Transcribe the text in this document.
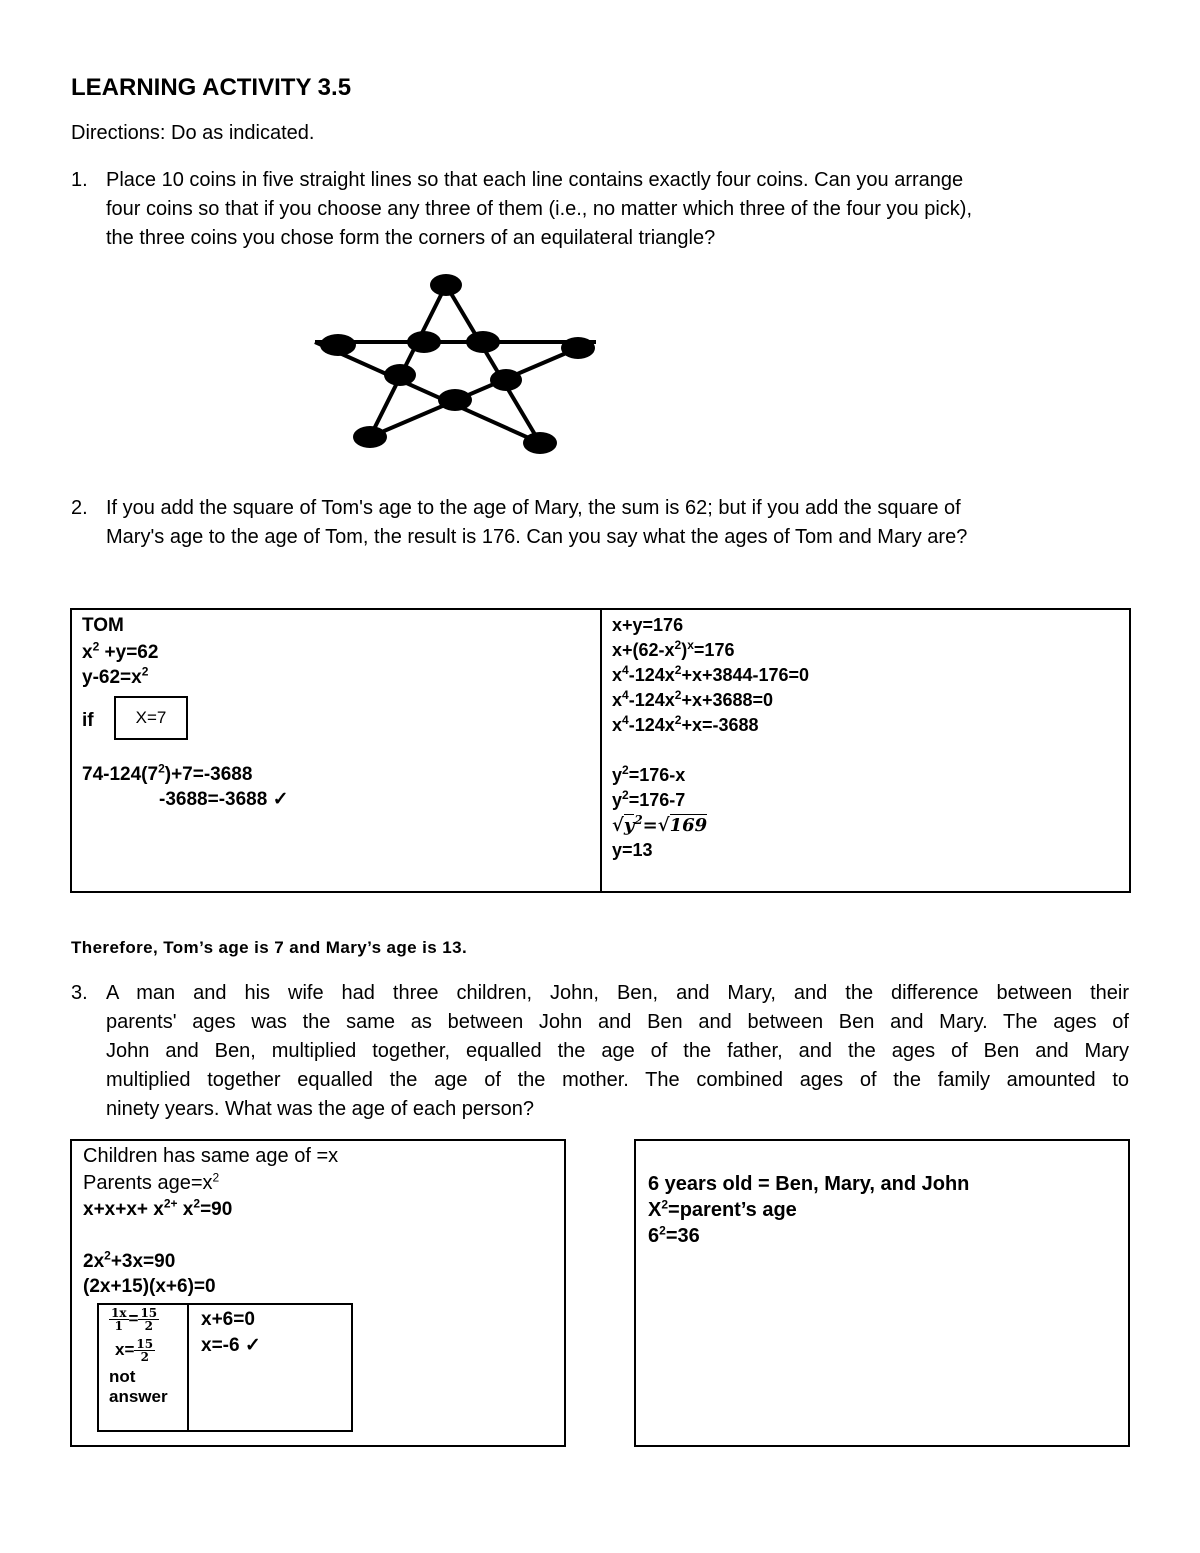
LEARNING ACTIVITY 3.5
Directions: Do as indicated.
1. Place 10 coins in five straight lines so that each line contains exactly four coins. Can you arrange
four coins so that if you choose any three of them (i.e., no matter which three of the four you pick),
the three coins you chose form the corners of an equilateral triangle?
2. If you add the square of Tom's age to the age of Mary, the sum is 62; but if you add the square of
Mary's age to the age of Tom, the result is 176. Can you say what the ages of Tom and Mary are?
TOM
$x^2 +y=62$
$y-62=x^2$
if	X=7
$74-124(7^2)+7=-3688$
-3688=-3688 ✓
x+y=176
$x+(62-x^2)^x=176$
$x^4-124x^2+x+3844-176=0$
$x^4-124x^2+x+3688=0$
$x^4-124x^2+x=-3688$
$y^2=176-x$
$y^2=176-7$
$√y^2=√169$
y=13
Therefore, Tom’s age is 7 and Mary’s age is 13.
3. A man and his wife had three children, John, Ben, and Mary, and the difference between their
parents' ages was the same as between John and Ben and between Ben and Mary. The ages of
John and Ben, multiplied together, equalled the age of the father, and the ages of Ben and Mary
multiplied together equalled the age of the mother. The combined ages of the family amounted to
ninety years. What was the age of each person?
Children has same age of =x
Parents $age=x^2$
$x+x+x+ x^{2+}$ $x^2=90$
$2x^2+3x=90$
(2x+15)(x+6)=0
$\frac{1x}{1} = \frac{15}{2}$
$x= \frac{15}{2}$
not
answer
x+6=0
x=-6 ✓
6 years old = Ben, Mary, and John
$X^2=parent’s$ age
$6^2=36$
